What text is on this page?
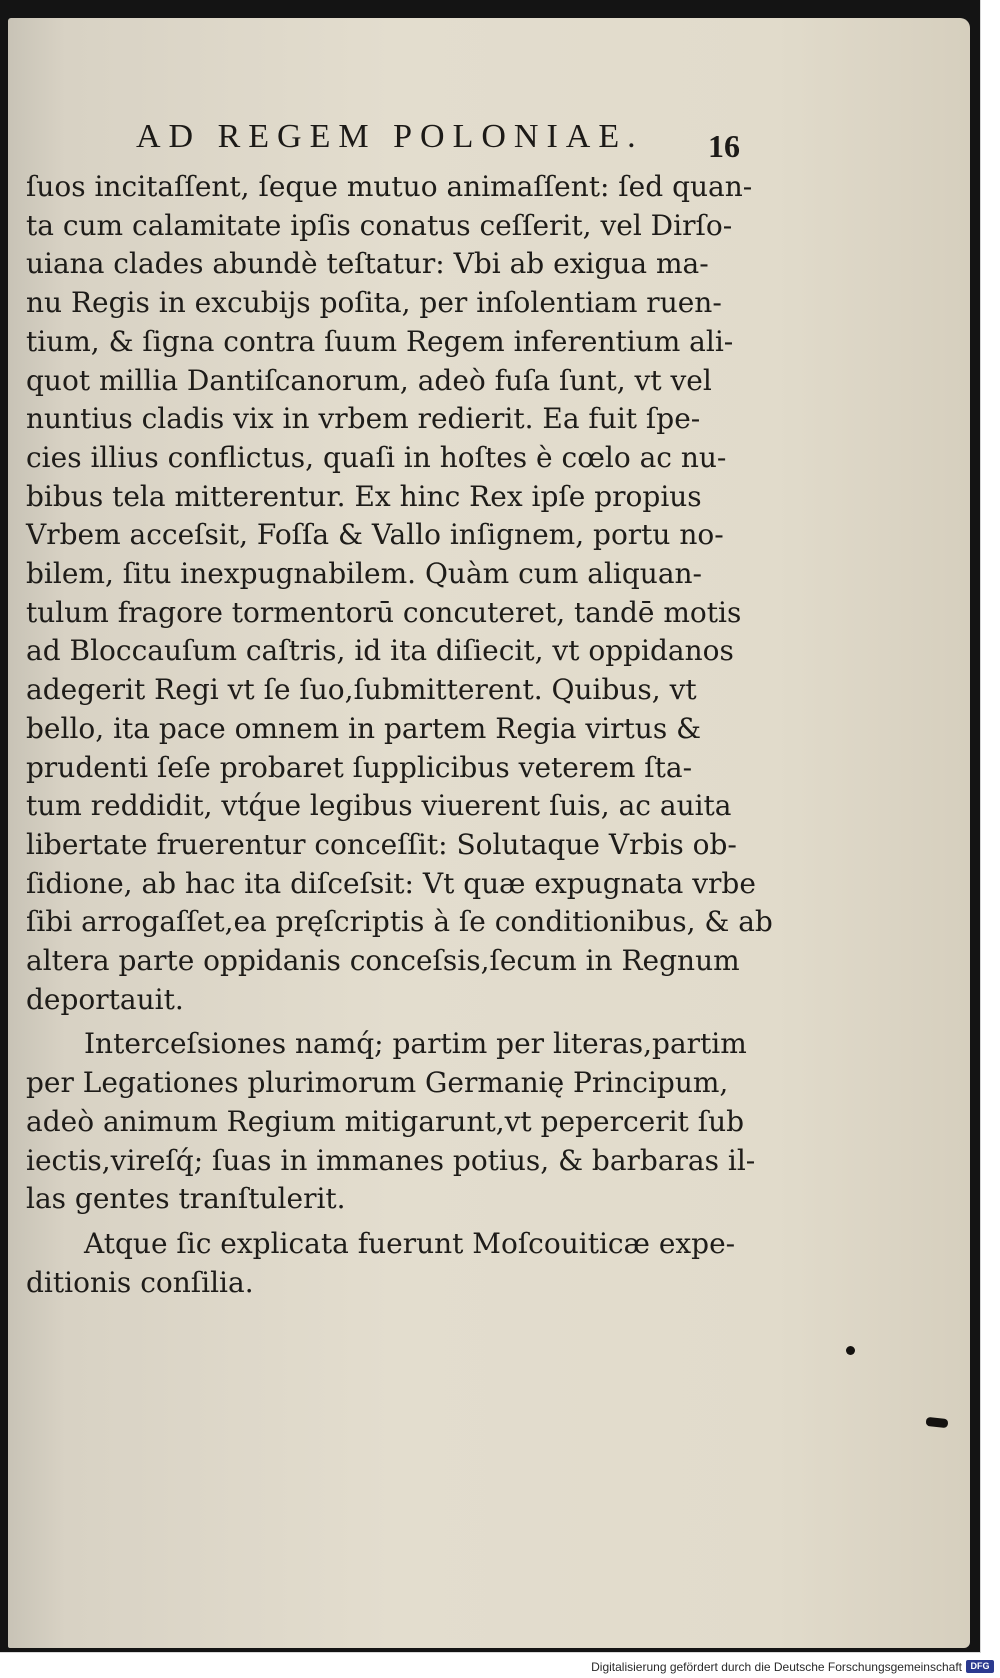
AD REGEM POLONIAE.	16
ſuos incitaſſent, ſeque mutuo animaſſent: ſed quan-
ta cum calamitate ipſis conatus ceſſerit, vel Dirſo-
uiana clades abundè teſtatur: Vbi ab exigua ma-
nu Regis in excubijs poſita, per inſolentiam ruen-
tium, & ſigna contra ſuum Regem inferentium ali-
quot millia Dantiſcanorum, adeò fuſa ſunt, vt vel
nuntius cladis vix in vrbem redierit. Ea fuit ſpe-
cies illius conflictus, quaſi in hoſtes è cœlo ac nu-
bibus tela mitterentur. Ex hinc Rex ipſe propius
Vrbem acceſsit, Foſſa & Vallo inſignem, portu no-
bilem, ſitu inexpugnabilem. Quàm cum aliquan-
tulum fragore tormentorū concuteret, tandē motis
ad Bloccauſum caſtris, id ita diſiecit, vt oppidanos
adegerit Regi vt ſe ſuo,ſubmitterent. Quibus, vt
bello, ita pace omnem in partem Regia virtus &
prudenti ſeſe probaret ſupplicibus veterem ſta-
tum reddidit, vtq́ue legibus viuerent ſuis, ac auita
libertate fruerentur conceſſit: Solutaque Vrbis ob-
ſidione, ab hac ita diſceſsit: Vt quæ expugnata vrbe
ſibi arrogaſſet,ea pręſcriptis à ſe conditionibus, & ab
altera parte oppidanis conceſsis,ſecum in Regnum
deportauit.
Interceſsiones namq́; partim per literas,partim
per Legationes plurimorum Germanię Principum,
adeò animum Regium mitigarunt,vt pepercerit ſub
iectis,vireſq́; ſuas in immanes potius, & barbaras il-
las gentes tranſtulerit.
Atque ſic explicata fuerunt Moſcouiticæ expe-
ditionis conſilia.
Digitalisierung gefördert durch die Deutsche Forschungsgemeinschaft DFG
